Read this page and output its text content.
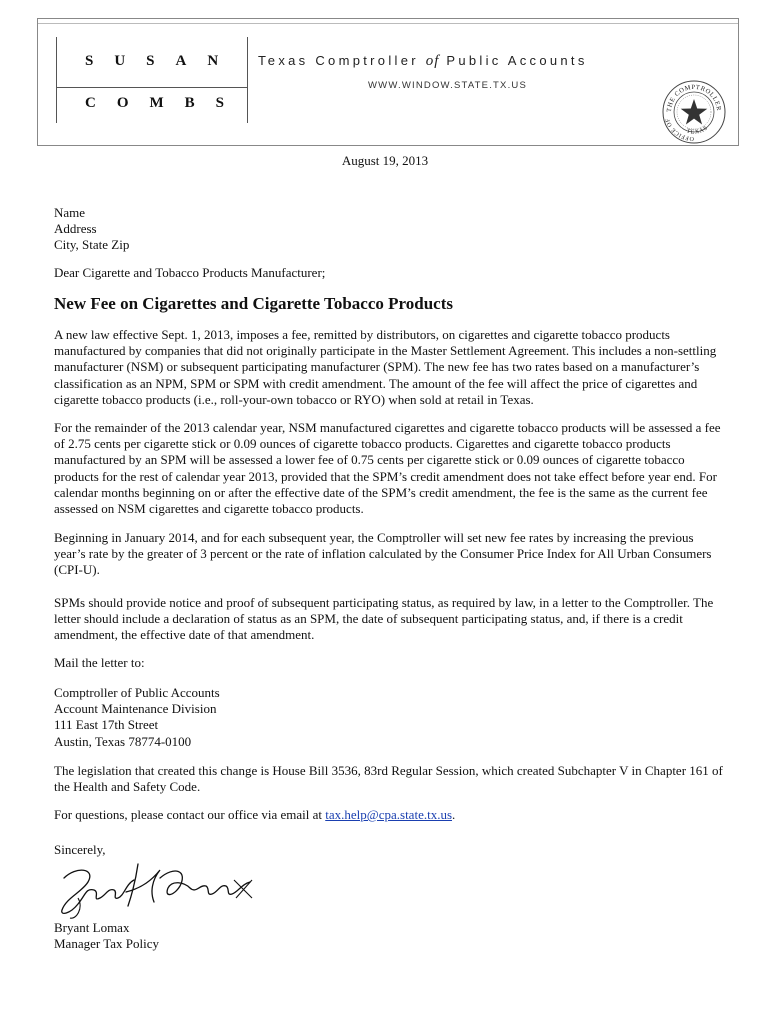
SUSAN
COMBS
Texas Comptroller of Public Accounts
WWW.WINDOW.STATE.TX.US
THE COMPTROLLER
OFFICE OF
TEXAS
August 19, 2013
Name
Address
City, State Zip
Dear Cigarette and Tobacco Products Manufacturer;
New Fee on Cigarettes and Cigarette Tobacco Products
A new law effective Sept. 1, 2013, imposes a fee, remitted by distributors, on cigarettes and cigarette tobacco products manufactured by companies that did not originally participate in the Master Settlement Agreement. This includes a non-settling manufacturer (NSM) or subsequent participating manufacturer (SPM). The new fee has two rates based on a manufacturer’s classification as an NPM, SPM or SPM with credit amendment. The amount of the fee will affect the price of cigarettes and cigarette tobacco products (i.e., roll-your-own tobacco or RYO) when sold at retail in Texas.
For the remainder of the 2013 calendar year, NSM manufactured cigarettes and cigarette tobacco products will be assessed a fee of 2.75 cents per cigarette stick or 0.09 ounces of cigarette tobacco products. Cigarettes and cigarette tobacco products manufactured by an SPM will be assessed a lower fee of 0.75 cents per cigarette stick or 0.09 ounces of cigarette tobacco products for the rest of calendar year 2013, provided that the SPM’s credit amendment does not take effect before year end. For calendar months beginning on or after the effective date of the SPM’s credit amendment, the fee is the same as the current fee assessed on NSM cigarettes and cigarette tobacco products.
Beginning in January 2014, and for each subsequent year, the Comptroller will set new fee rates by increasing the previous year’s rate by the greater of 3 percent or the rate of inflation calculated by the Consumer Price Index for All Urban Consumers (CPI-U).
SPMs should provide notice and proof of subsequent participating status, as required by law, in a letter to the Comptroller. The letter should include a declaration of status as an SPM, the date of subsequent participating status, and, if there is a credit amendment, the effective date of that amendment.
Mail the letter to:
Comptroller of Public Accounts
Account Maintenance Division
111 East 17th Street
Austin, Texas 78774-0100
The legislation that created this change is House Bill 3536, 83rd Regular Session, which created Subchapter V in Chapter 161 of the Health and Safety Code.
For questions, please contact our office via email at tax.help@cpa.state.tx.us.
Sincerely,
Bryant Lomax
Manager Tax Policy
